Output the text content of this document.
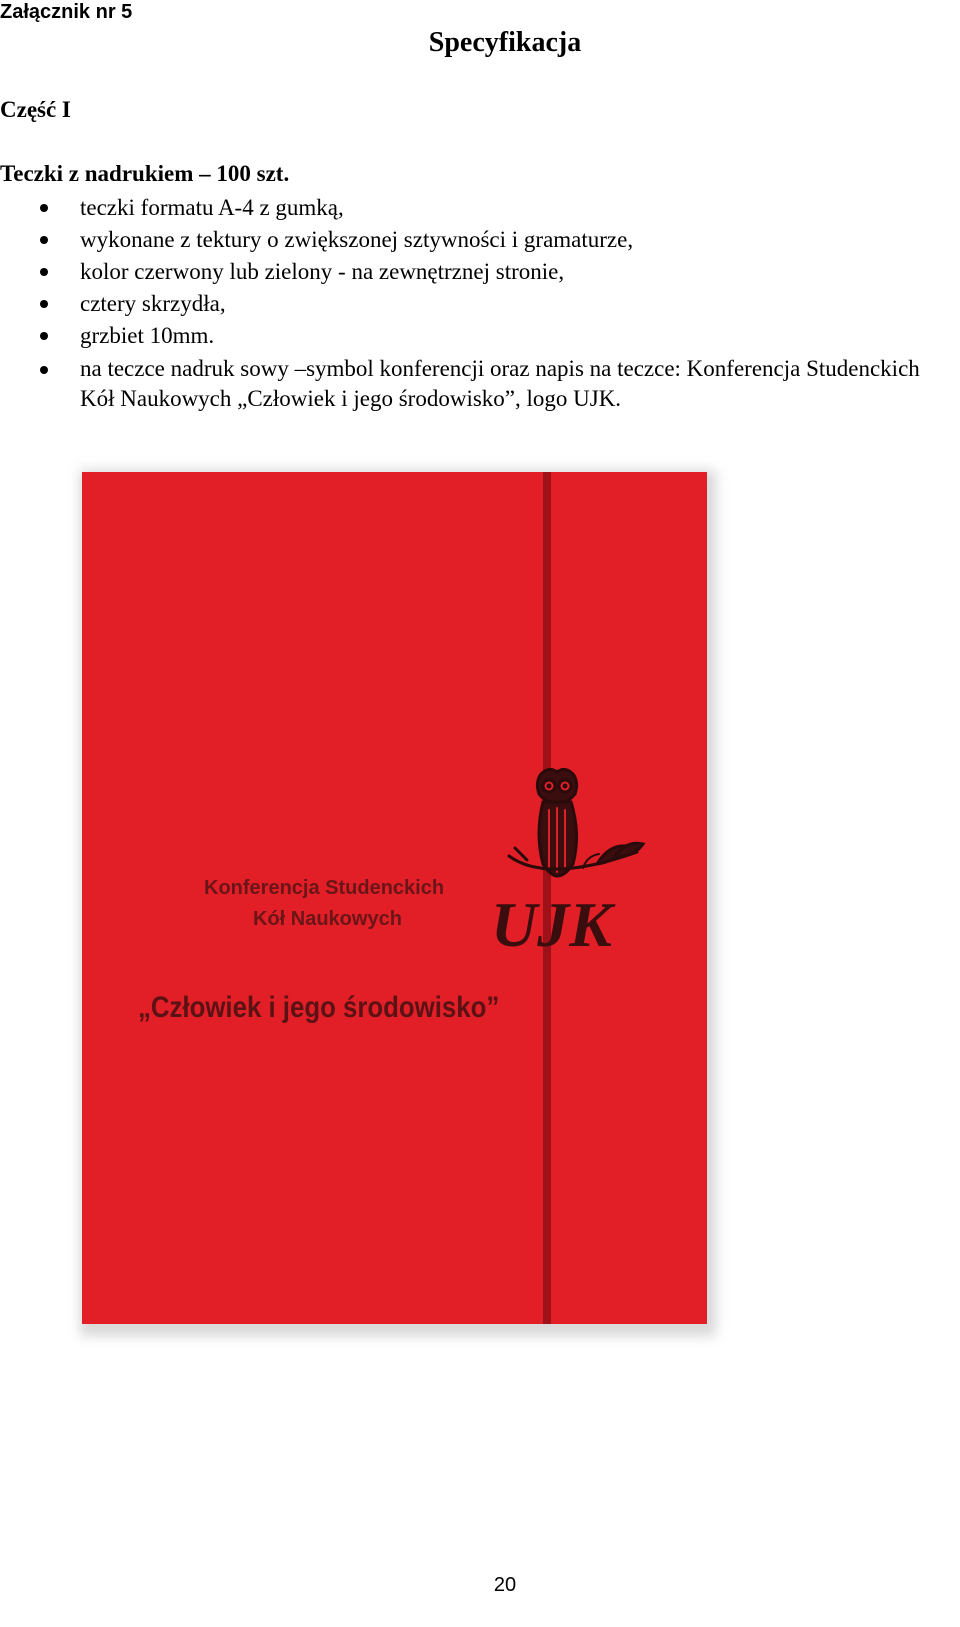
Załącznik nr 5
Specyfikacja
Część I
Teczki z nadrukiem – 100 szt.
teczki formatu A-4 z gumką,
wykonane z tektury o zwiększonej sztywności i gramaturze,
kolor czerwony lub zielony - na zewnętrznej stronie,
cztery skrzydła,
grzbiet 10mm.
na teczce nadruk sowy –symbol konferencji oraz napis na teczce: Konferencja Studenckich Kół Naukowych „Człowiek i jego środowisko”, logo UJK.
Konferencja Studenckich
Kół Naukowych
„Człowiek i jego środowisko”
UJK
20
